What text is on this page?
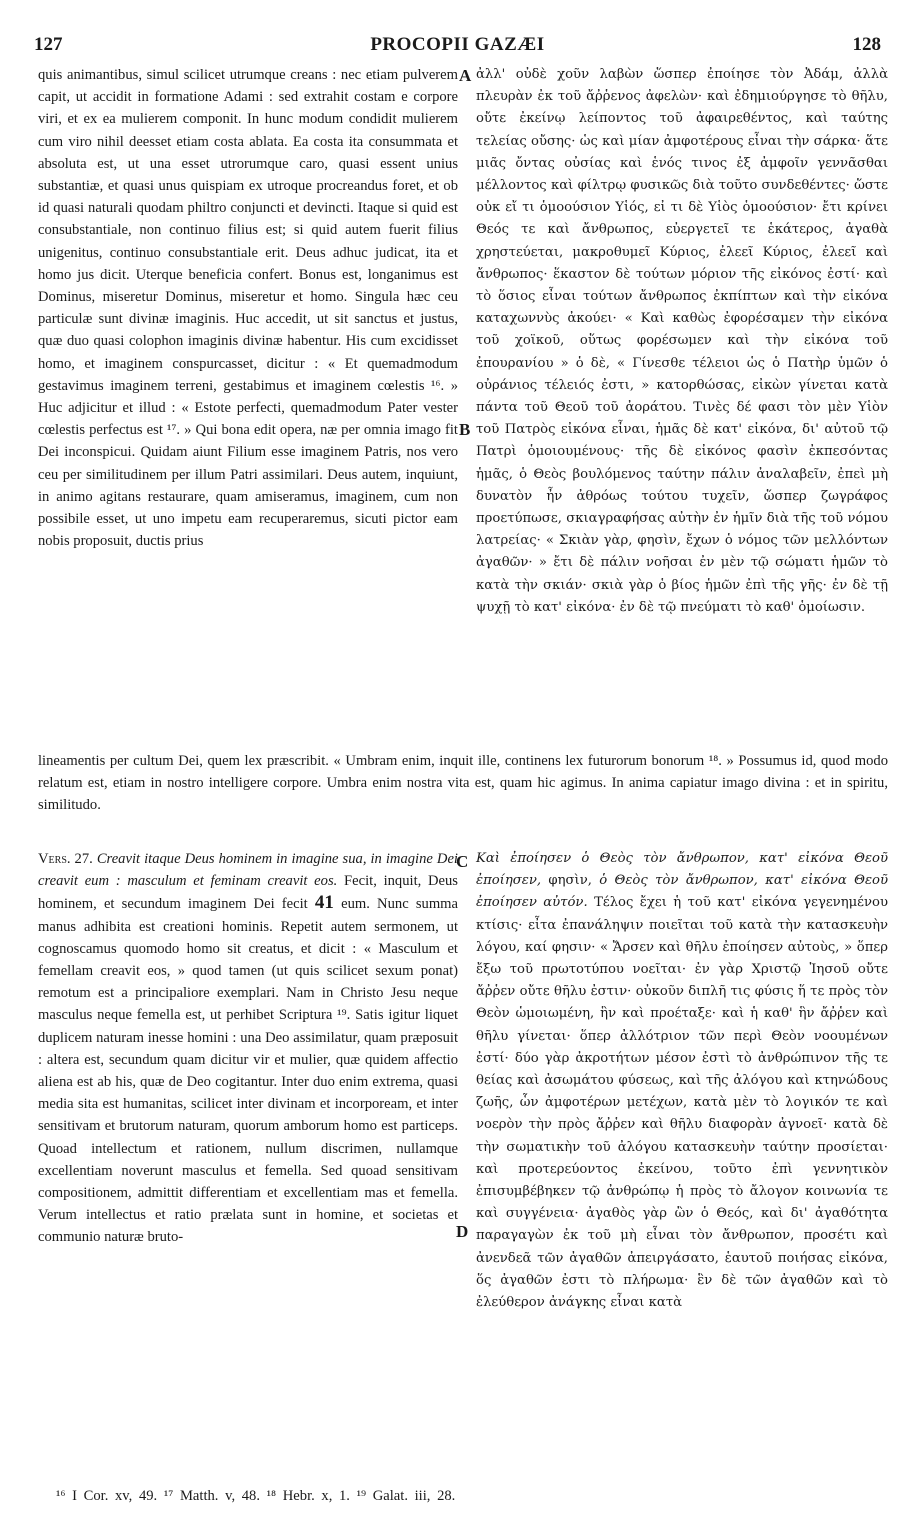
127	PROCOPII GAZÆI	128

quis animantibus, simul scilicet utrumque creans : nec etiam pulverem capit, ut accidit in formatione Adami : sed extrahit costam e corpore viri, et ex ea mulierem componit. In hunc modum condidit mulierem cum viro nihil deesset etiam costa ablata. Ea costa ita consummata et absoluta est, ut una esset utrorumque caro, quasi essent unius substantiæ, et quasi unus quispiam ex utroque procreandus foret, et ob id quasi naturali quodam philtro conjuncti et devincti. Itaque si quid est consubstantiale, non continuo filius est; si quid autem fuerit filius unigenitus, continuo consubstantiale erit. Deus adhuc judicat, ita et homo jus dicit. Uterque beneficia confert. Bonus est, longanimus est Dominus, miseretur Dominus, miseretur et homo. Singula hæc ceu particulæ sunt divinæ imaginis. Huc accedit, ut sit sanctus et justus, quæ duo quasi colophon imaginis divinæ habentur. His cum excidisset homo, et imaginem conspurcasset, dicitur : « Et quemadmodum gestavimus imaginem terreni, gestabimus et imaginem cœlestis ¹⁶. » Huc adjicitur et illud : « Estote perfecti, quemadmodum Pater vester cœlestis perfectus est ¹⁷. » Qui bona edit opera, næ per omnia imago fit Dei inconspicui. Quidam aiunt Filium esse imaginem Patris, nos vero ceu per similitudinem per illum Patri assimilari. Deus autem, inquiunt, in animo agitans restaurare, quam amiseramus, imaginem, cum non possibile esset, ut uno impetu eam recuperaremus, sicuti pictor eam nobis proposuit, ductis prius

A ἀλλ' οὐδὲ χοῦν λαβὼν ὥσπερ ἐποίησε τὸν Ἀδάμ, ἀλλὰ πλευρὰν ἐκ τοῦ ἄῤῥενος ἀφελὼν· καὶ ἐδημιούργησε τὸ θῆλυ, οὔτε ἐκείνῳ λείποντος τοῦ ἀφαιρεθέντος, καὶ ταύτης τελείας οὔσης· ὡς καὶ μίαν ἀμφοτέρους εἶναι τὴν σάρκα· ἅτε μιᾶς ὄντας οὐσίας καὶ ἑνός τινος ἐξ ἀμφοῖν γεννᾶσθαι μέλλοντος καὶ φίλτρῳ φυσικῶς διὰ τοῦτο συνδεθέντες· ὥστε οὐκ εἴ τι ὁμοούσιον Υἱός, εἰ τι δὲ Υἱὸς ὁμοούσιον· ἔτι κρίνει Θεός τε καὶ ἄνθρωπος, εὐεργετεῖ τε ἑκάτερος, ἀγαθὰ χρηστεύεται, μακροθυμεῖ Κύριος, ἐλεεῖ Κύριος, ἐλεεῖ καὶ ἄνθρωπος· ἕκαστον δὲ τούτων μόριον τῆς εἰκόνος ἐστί· καὶ τὸ ὅσιος εἶναι τούτων ἄνθρωπος ἐκπίπτων καὶ τὴν εἰκόνα καταχωννὺς ἀκούει· « Καὶ καθὼς ἐφορέσαμεν τὴν εἰκόνα τοῦ χοϊκοῦ, οὕτως φορέσωμεν καὶ τὴν εἰκόνα τοῦ ἐπουρανίου » ὁ δὲ, « Γίνεσθε τέλειοι ὡς ὁ Πατὴρ ὑμῶν ὁ οὐράνιος τέλειός ἐστι, » κατορθώσας, εἰκὼν γίνεται κατὰ πάντα τοῦ Θεοῦ τοῦ ἀοράτου. Τινὲς δέ φασι τὸν μὲν Υἱὸν τοῦ Πατρὸς εἰκόνα εἶναι, ἡμᾶς δὲ κατ' εἰκόνα, δι' αὐτοῦ τῷ Πατρὶ ὁμοιουμένους· τῆς δὲ εἰκόνος φασὶν ἐκπεσόντας ἡμᾶς, ὁ Θεὸς βουλόμενος ταύτην πάλιν ἀναλαβεῖν, ἐπεὶ μὴ δυνατὸν ἦν ἀθρόως τούτου τυχεῖν, ὥσπερ ζωγράφος προετύπωσε, σκιαγραφήσας αὐτὴν ἐν ἡμῖν διὰ τῆς τοῦ νόμου λατρείας· « Σκιὰν γὰρ, φησὶν, ἔχων ὁ νόμος τῶν μελλόντων ἀγαθῶν· » ἔτι δὲ πάλιν νοῆσαι ἐν μὲν τῷ σώματι ἡμῶν τὸ κατὰ τὴν σκιάν· σκιὰ γὰρ ὁ βίος ἡμῶν ἐπὶ τῆς γῆς· ἐν δὲ τῇ ψυχῇ τὸ κατ' εἰκόνα· ἐν δὲ τῷ πνεύματι τὸ καθ' ὁμοίωσιν.

B

lineamentis per cultum Dei, quem lex præscribit. « Umbram enim, inquit ille, continens lex futurorum bonorum ¹⁸. » Possumus id, quod modo relatum est, etiam in nostro intelligere corpore. Umbra enim nostra vita est, quam hic agimus. In anima capiatur imago divina : et in spiritu, similitudo.

Vers. 27. Creavit itaque Deus hominem in imagine sua, in imagine Dei creavit eum : masculum et feminam creavit eos. Fecit, inquit, Deus hominem, et secundum imaginem Dei fecit 41 eum. Nunc summa manus adhibita est creationi hominis. Repetit autem sermonem, ut cognoscamus quomodo homo sit creatus, et dicit : « Masculum et femellam creavit eos, » quod tamen (ut quis scilicet sexum ponat) remotum est a principaliore exemplari. Nam in Christo Jesu neque masculus neque femella est, ut perhibet Scriptura ¹⁹. Satis igitur liquet duplicem naturam inesse homini : una Deo assimilatur, quam præposuit : altera est, secundum quam dicitur vir et mulier, quæ quidem affectio aliena est ab his, quæ de Deo cogitantur. Inter duo enim extrema, quasi media sita est humanitas, scilicet inter divinam et incorpoream, et inter sensitivam et brutorum naturam, quorum amborum homo est particeps. Quoad intellectum et rationem, nullum discrimen, nullamque excellentiam noverunt masculus et femella. Sed quoad sensitivam compositionem, admittit differentiam et excellentiam mas et femella. Verum intellectus et ratio prælata sunt in homine, et societas et communio naturæ bruto-

C Καὶ ἐποίησεν ὁ Θεὸς τὸν ἄνθρωπον, κατ' εἰκόνα Θεοῦ ἐποίησεν, φησὶν, ὁ Θεὸς τὸν ἄνθρωπον, κατ' εἰκόνα Θεοῦ ἐποίησεν αὐτόν. Τέλος ἔχει ἡ τοῦ κατ' εἰκόνα γεγενημένου κτίσις· εἶτα ἐπανάληψιν ποιεῖται τοῦ κατὰ τὴν κατασκευὴν λόγου, καί φησιν· « Ἄρσεν καὶ θῆλυ ἐποίησεν αὐτοὺς, » ὅπερ ἔξω τοῦ πρωτοτύπου νοεῖται· ἐν γὰρ Χριστῷ Ἰησοῦ οὔτε ἄῤῥεν οὔτε θῆλυ ἐστιν· οὐκοῦν διπλῆ τις φύσις ἥ τε πρὸς τὸν Θεὸν ὡμοιωμένη, ἣν καὶ προέταξε· καὶ ἡ καθ' ἣν ἄῤῥεν καὶ θῆλυ γίνεται· ὅπερ ἀλλότριον τῶν περὶ Θεὸν νοουμένων ἐστί· δύο γὰρ ἀκροτήτων μέσον ἐστὶ τὸ ἀνθρώπινον τῆς τε θείας καὶ ἀσωμάτου φύσεως, καὶ τῆς ἀλόγου καὶ κτηνώδους ζωῆς, ὧν ἀμφοτέρων μετέχων, κατὰ μὲν τὸ λογικόν τε καὶ νοερὸν τὴν πρὸς ἄῤῥεν καὶ θῆλυ διαφορὰν ἀγνοεῖ· κατὰ δὲ τὴν σωματικὴν τοῦ ἀλόγου κατασκευὴν ταύτην προσίεται· καὶ προτερεύοντος ἐκείνου, τοῦτο ἐπὶ γεννητικὸν ἐπισυμβέβηκεν τῷ ἀνθρώπῳ ἡ πρὸς τὸ ἄλογον κοινωνία τε καὶ συγγένεια· ἀγαθὸς γὰρ ὢν ὁ Θεός, καὶ δι' ἀγαθότητα παραγαγὼν ἐκ τοῦ μὴ εἶναι τὸν ἄνθρωπον, προσέτι καὶ ἀνενδεᾶ τῶν ἀγαθῶν ἀπειργάσατο, ἑαυτοῦ ποιήσας εἰκόνα, ὅς ἀγαθῶν ἐστι τὸ πλήρωμα· ἓν δὲ τῶν ἀγαθῶν καὶ τὸ ἐλεύθερον ἀνάγκης εἶναι κατὰ

D
¹⁶ I Cor. xv, 49. ¹⁷ Matth. v, 48. ¹⁸ Hebr. x, 1. ¹⁹ Galat. iii, 28.
